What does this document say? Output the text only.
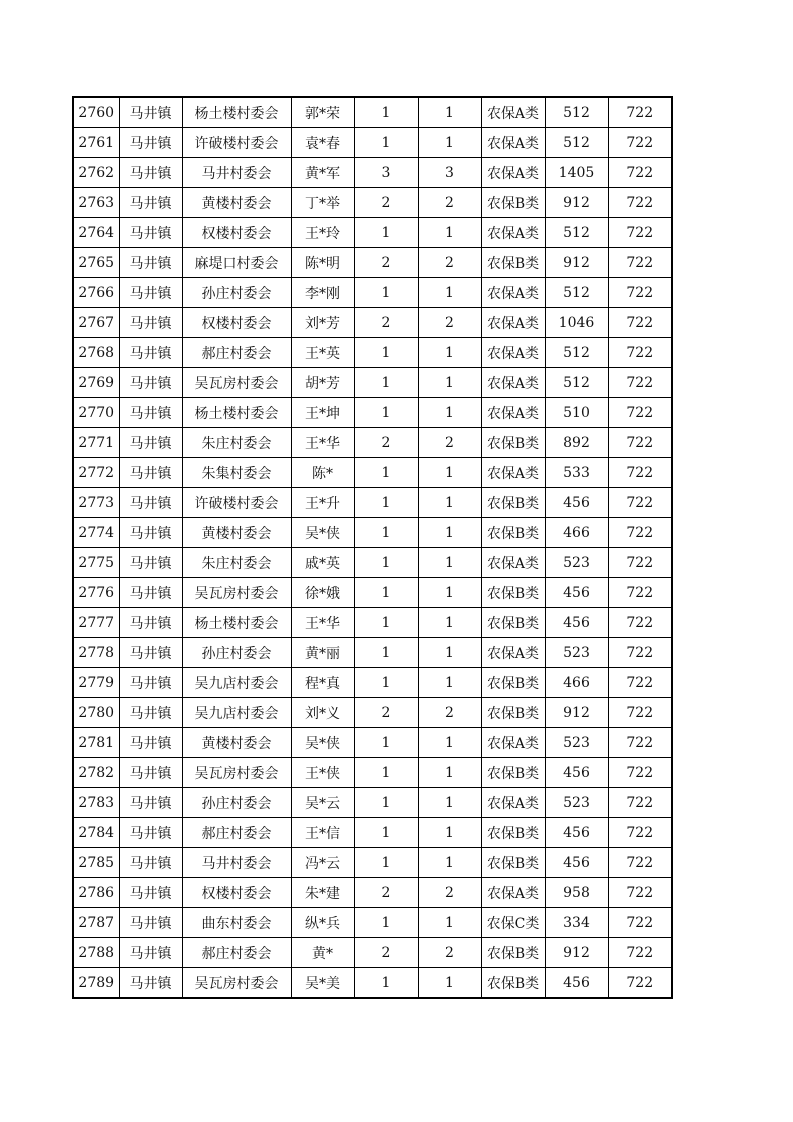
2760	马井镇	杨土楼村委会	郭*荣	1	1	农保A类	512	722
2761	马井镇	许破楼村委会	袁*春	1	1	农保A类	512	722
2762	马井镇	马井村委会	黄*军	3	3	农保A类	1405	722
2763	马井镇	黄楼村委会	丁*举	2	2	农保B类	912	722
2764	马井镇	权楼村委会	王*玲	1	1	农保A类	512	722
2765	马井镇	麻堤口村委会	陈*明	2	2	农保B类	912	722
2766	马井镇	孙庄村委会	李*刚	1	1	农保A类	512	722
2767	马井镇	权楼村委会	刘*芳	2	2	农保A类	1046	722
2768	马井镇	郝庄村委会	王*英	1	1	农保A类	512	722
2769	马井镇	吴瓦房村委会	胡*芳	1	1	农保A类	512	722
2770	马井镇	杨土楼村委会	王*坤	1	1	农保A类	510	722
2771	马井镇	朱庄村委会	王*华	2	2	农保B类	892	722
2772	马井镇	朱集村委会	陈*	1	1	农保A类	533	722
2773	马井镇	许破楼村委会	王*升	1	1	农保B类	456	722
2774	马井镇	黄楼村委会	吴*侠	1	1	农保B类	466	722
2775	马井镇	朱庄村委会	戚*英	1	1	农保A类	523	722
2776	马井镇	吴瓦房村委会	徐*娥	1	1	农保B类	456	722
2777	马井镇	杨土楼村委会	王*华	1	1	农保B类	456	722
2778	马井镇	孙庄村委会	黄*丽	1	1	农保A类	523	722
2779	马井镇	吴九店村委会	程*真	1	1	农保B类	466	722
2780	马井镇	吴九店村委会	刘*义	2	2	农保B类	912	722
2781	马井镇	黄楼村委会	吴*侠	1	1	农保A类	523	722
2782	马井镇	吴瓦房村委会	王*侠	1	1	农保B类	456	722
2783	马井镇	孙庄村委会	吴*云	1	1	农保A类	523	722
2784	马井镇	郝庄村委会	王*信	1	1	农保B类	456	722
2785	马井镇	马井村委会	冯*云	1	1	农保B类	456	722
2786	马井镇	权楼村委会	朱*建	2	2	农保A类	958	722
2787	马井镇	曲东村委会	纵*兵	1	1	农保C类	334	722
2788	马井镇	郝庄村委会	黄*	2	2	农保B类	912	722
2789	马井镇	吴瓦房村委会	吴*美	1	1	农保B类	456	722
